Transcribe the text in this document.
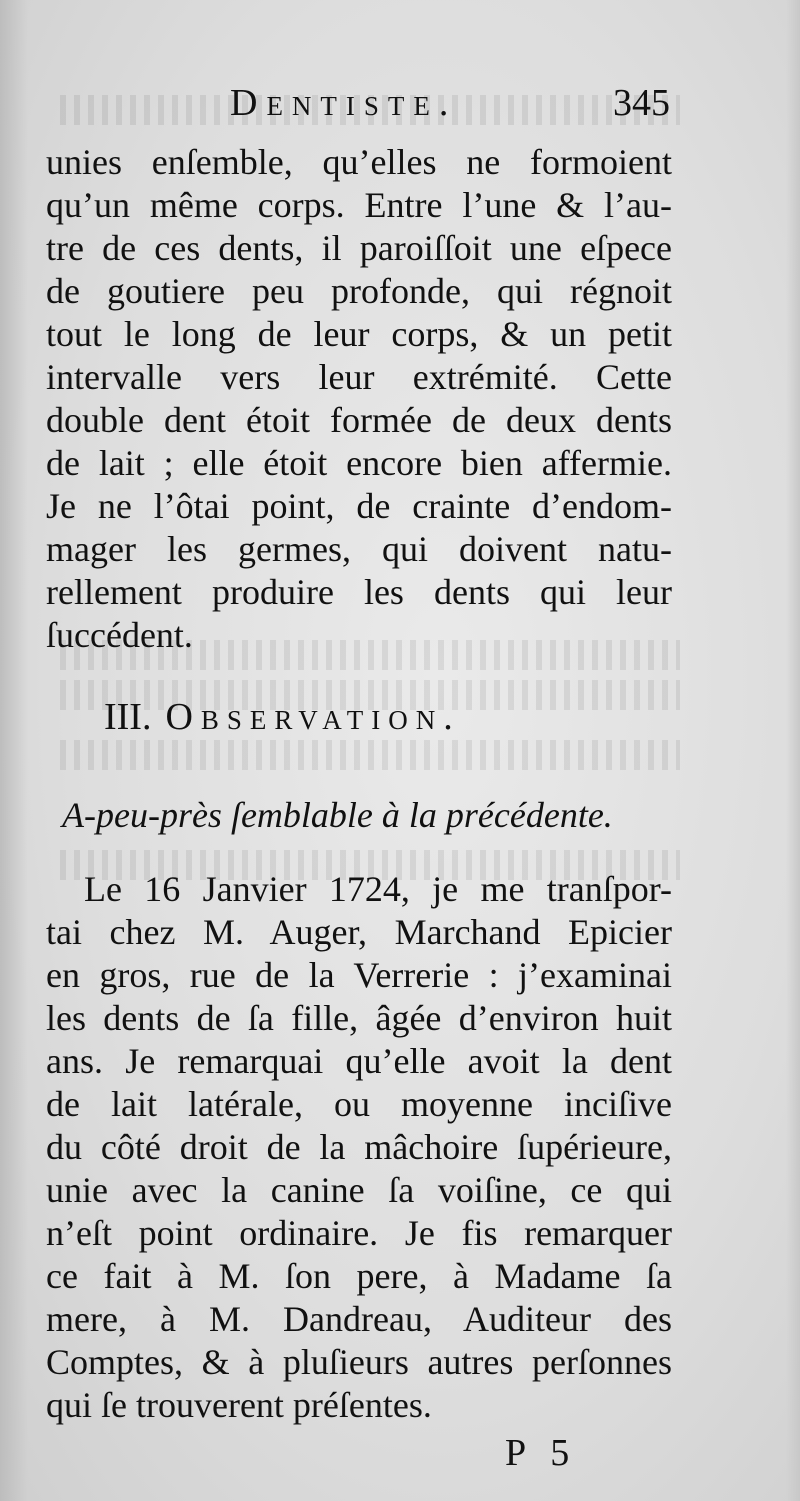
Dentiste.	345
unies enſemble, qu’elles ne formoient
qu’un même corps. Entre l’une & l’au-
tre de ces dents, il paroiſſoit une eſpece
de goutiere peu profonde, qui régnoit
tout le long de leur corps, & un petit
intervalle vers leur extrémité. Cette
double dent étoit formée de deux dents
de lait ; elle étoit encore bien affermie.
Je ne l’ôtai point, de crainte d’endom-
mager les germes, qui doivent natu-
rellement produire les dents qui leur
ſuccédent.
III. Observation.
A-peu-près ſemblable à la précédente.
Le 16 Janvier 1724, je me tranſpor-
tai chez M. Auger, Marchand Epicier
en gros, rue de la Verrerie : j’examinai
les dents de ſa fille, âgée d’environ huit
ans. Je remarquai qu’elle avoit la dent
de lait latérale, ou moyenne inciſive
du côté droit de la mâchoire ſupérieure,
unie avec la canine ſa voiſine, ce qui
n’eſt point ordinaire. Je fis remarquer
ce fait à M. ſon pere, à Madame ſa
mere, à M. Dandreau, Auditeur des
Comptes, & à pluſieurs autres perſonnes
qui ſe trouverent préſentes.
P 5
